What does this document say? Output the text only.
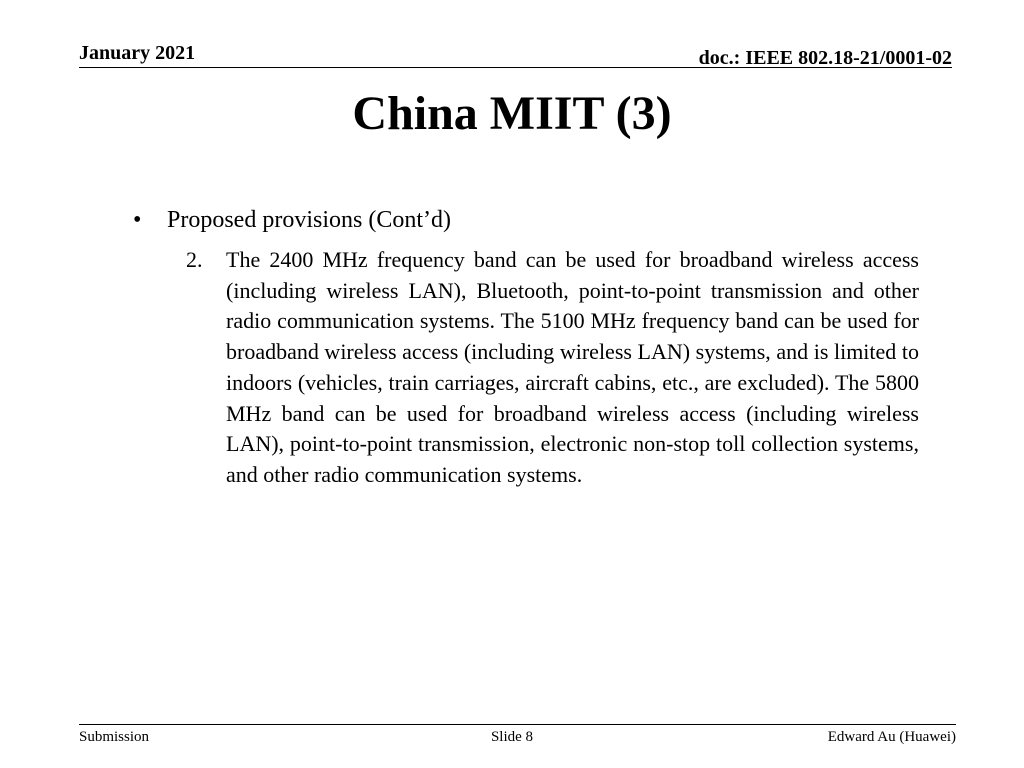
January 2021	doc.: IEEE 802.18-21/0001-02
China MIIT (3)
• Proposed provisions (Cont’d)
2. The 2400 MHz frequency band can be used for broadband wireless access (including wireless LAN), Bluetooth, point-to-point transmission and other radio communication systems. The 5100 MHz frequency band can be used for broadband wireless access (including wireless LAN) systems, and is limited to indoors (vehicles, train carriages, aircraft cabins, etc., are excluded). The 5800 MHz band can be used for broadband wireless access (including wireless LAN), point-to-point transmission, electronic non-stop toll collection systems, and other radio communication systems.

Submission	Slide 8	Edward Au (Huawei)
